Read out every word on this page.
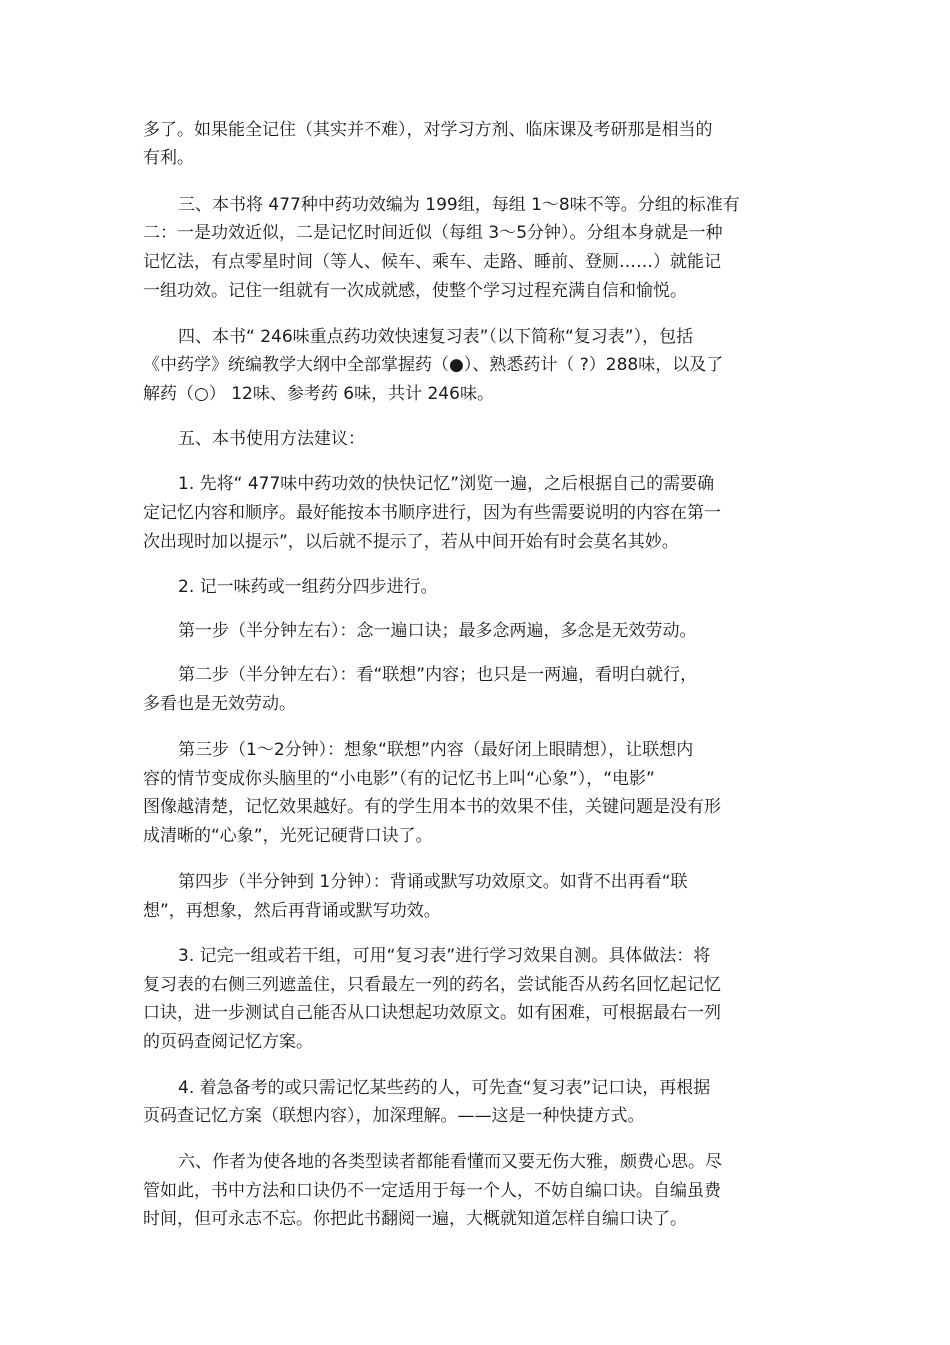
多了。如果能全记住（其实并不难），对学习方剂、临床课及考研那是相当的
有利。
三、本书将 477种中药功效编为 199组，每组 1～8味不等。分组的标准有
二：一是功效近似，二是记忆时间近似（每组 3～5分钟）。分组本身就是一种
记忆法，有点零星时间（等人、候车、乘车、走路、睡前、登厕……）就能记
一组功效。记住一组就有一次成就感，使整个学习过程充满自信和愉悦。
四、本书“ 246味重点药功效快速复习表”（以下简称“复习表”），包括
《中药学》统编教学大纲中全部掌握药（●）、熟悉药计（ ?）288味，以及了
解药（○） 12味、参考药 6味，共计 246味。
五、本书使用方法建议：
1. 先将“ 477味中药功效的快快记忆”浏览一遍，之后根据自己的需要确
定记忆内容和顺序。最好能按本书顺序进行，因为有些需要说明的内容在第一
次出现时加以提示”，以后就不提示了，若从中间开始有时会莫名其妙。
2. 记一味药或一组药分四步进行。
第一步（半分钟左右）：念一遍口诀；最多念两遍，多念是无效劳动。
第二步（半分钟左右）：看“联想”内容；也只是一两遍，看明白就行，
多看也是无效劳动。
第三步（1～2分钟）：想象“联想”内容（最好闭上眼睛想），让联想内
容的情节变成你头脑里的“小电影”（有的记忆书上叫“心象”），“电影”
图像越清楚，记忆效果越好。有的学生用本书的效果不佳，关键问题是没有形
成清晰的“心象”，光死记硬背口诀了。
第四步（半分钟到 1分钟）：背诵或默写功效原文。如背不出再看“联
想”，再想象，然后再背诵或默写功效。
3. 记完一组或若干组，可用“复习表”进行学习效果自测。具体做法：将
复习表的右侧三列遮盖住，只看最左一列的药名，尝试能否从药名回忆起记忆
口诀，进一步测试自己能否从口诀想起功效原文。如有困难，可根据最右一列
的页码查阅记忆方案。
4. 着急备考的或只需记忆某些药的人，可先查“复习表”记口诀，再根据
页码查记忆方案（联想内容），加深理解。——这是一种快捷方式。
六、作者为使各地的各类型读者都能看懂而又要无伤大雅，颇费心思。尽
管如此，书中方法和口诀仍不一定适用于每一个人，不妨自编口诀。自编虽费
时间，但可永志不忘。你把此书翻阅一遍，大概就知道怎样自编口诀了。
